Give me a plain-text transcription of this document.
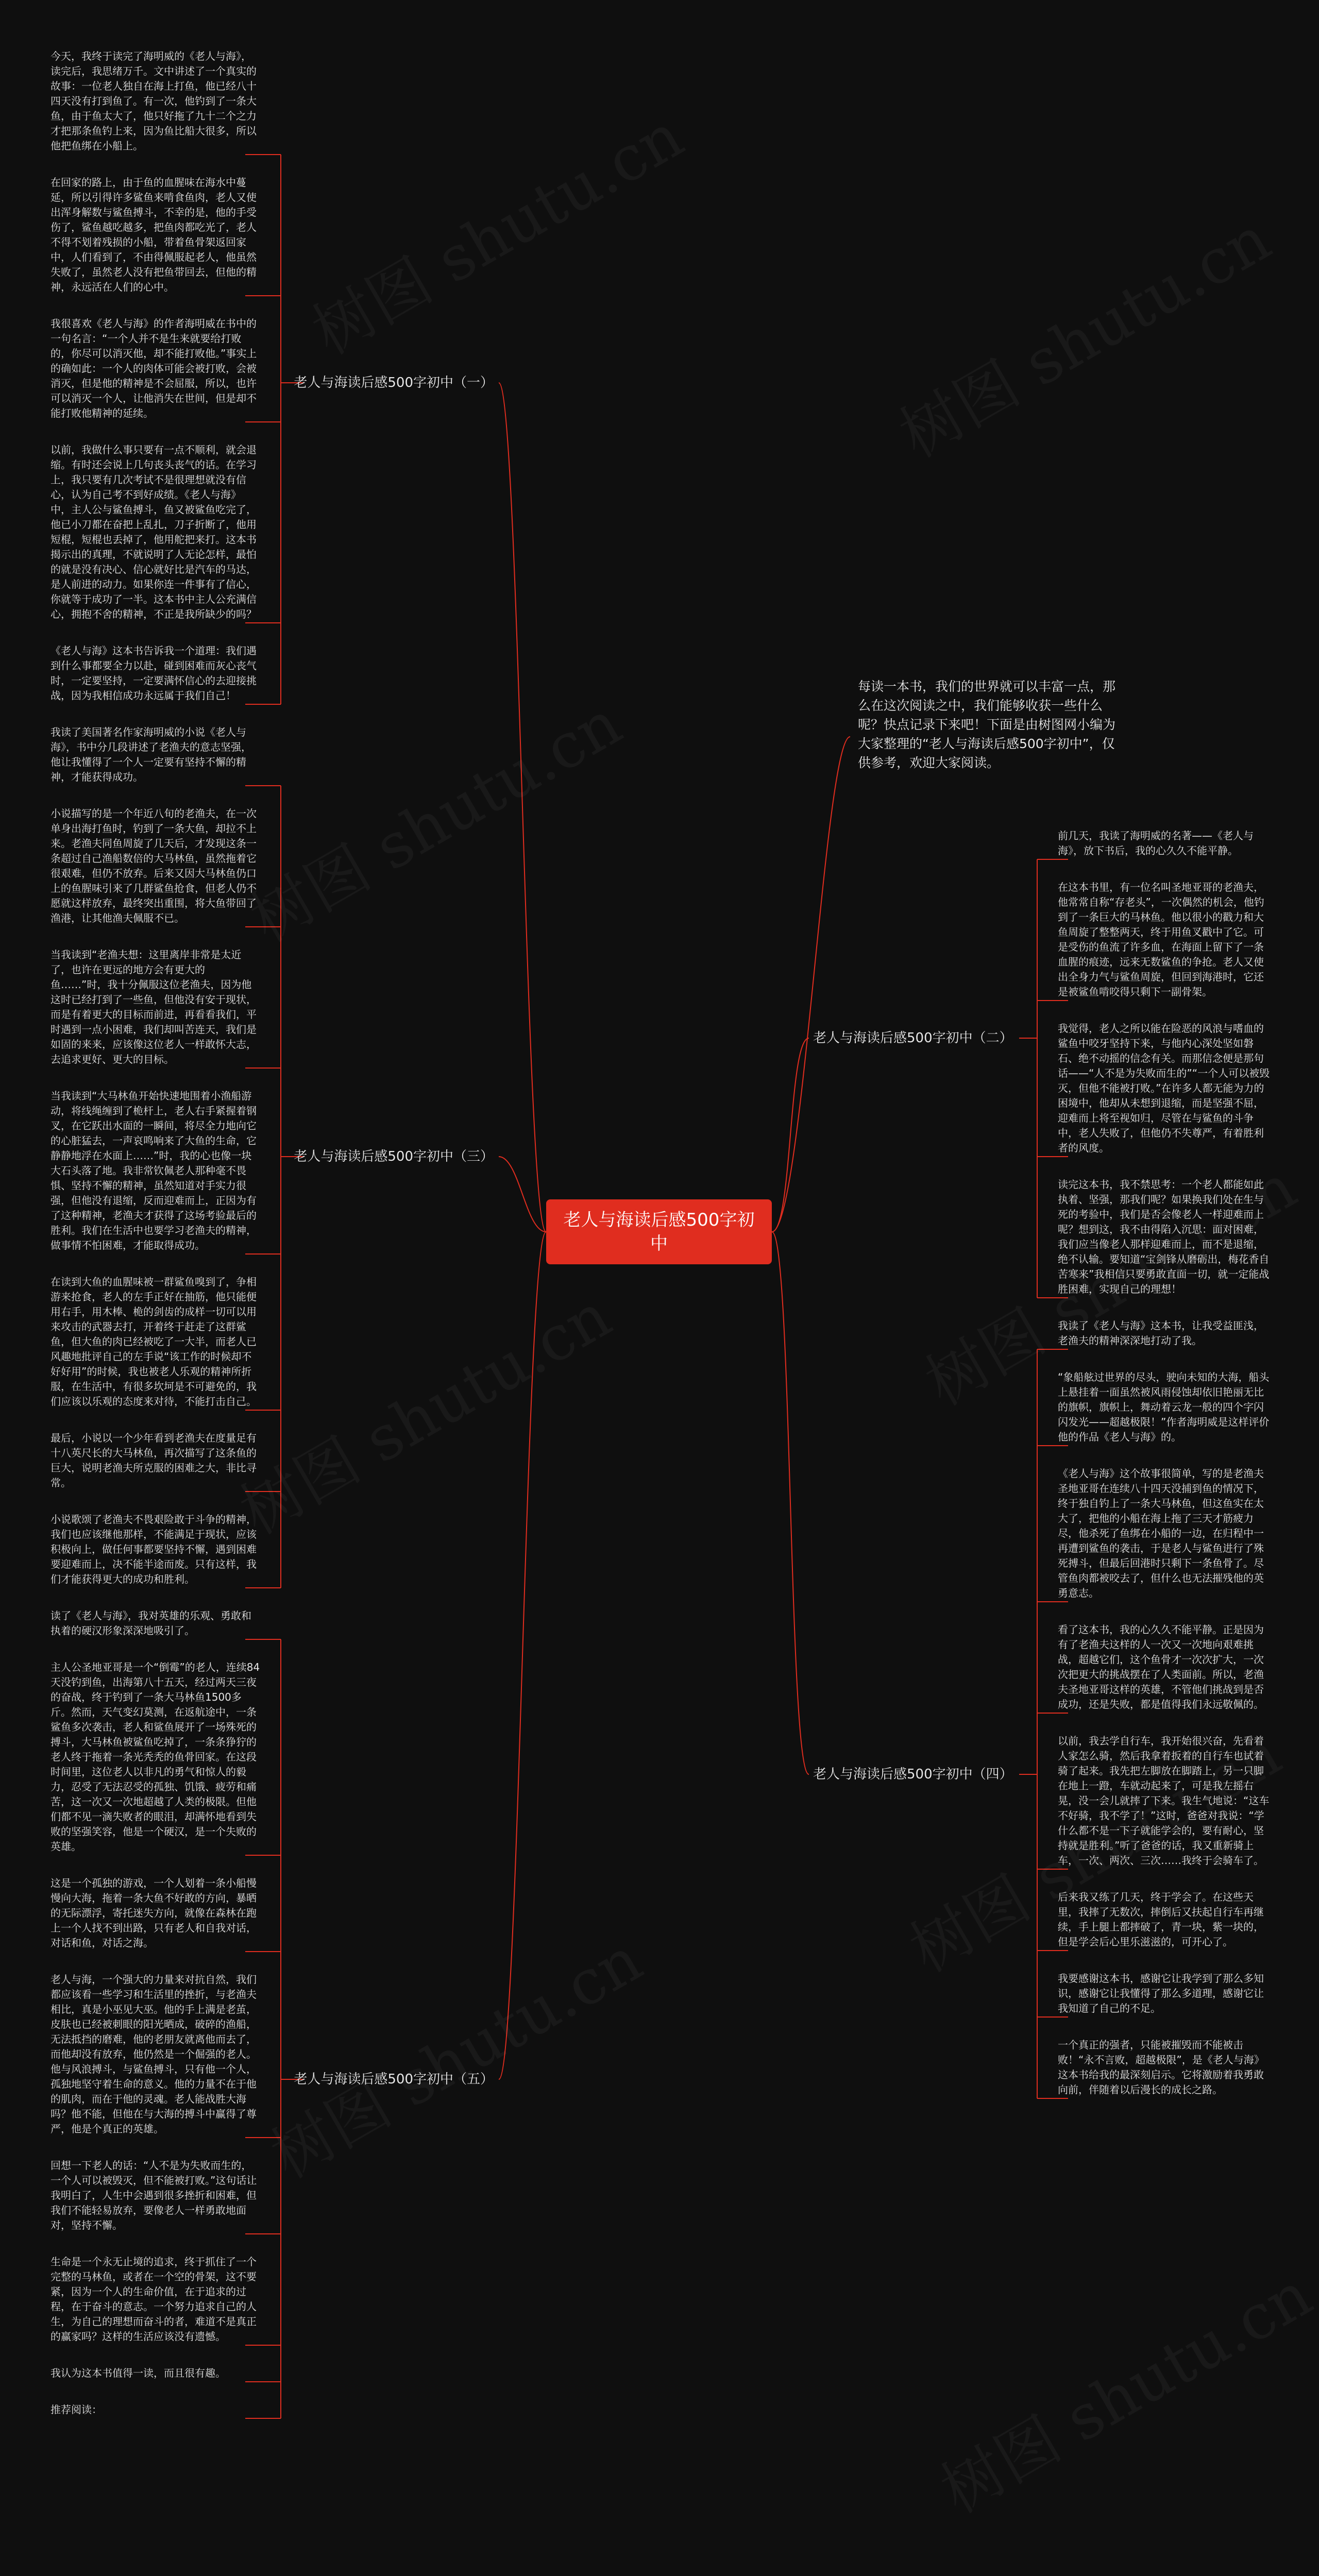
老人与海读后感500字初中
每读一本书，我们的世界就可以丰富一点，那么在这次阅读之中，我们能够收获一些什么呢？快点记录下来吧！下面是由树图网小编为大家整理的“老人与海读后感500字初中”，仅供参考，欢迎大家阅读。
老人与海读后感500字初中（一）

今天，我终于读完了海明威的《老人与海》，读完后，我思绪万千。文中讲述了一个真实的故事：一位老人独自在海上打鱼，他已经八十四天没有打到鱼了。有一次，他钓到了一条大鱼，由于鱼太大了，他只好拖了九十二个之力才把那条鱼钓上来，因为鱼比船大很多，所以他把鱼绑在小船上。

在回家的路上，由于鱼的血腥味在海水中蔓延，所以引得许多鲨鱼来啃食鱼肉，老人又使出浑身解数与鲨鱼搏斗，不幸的是，他的手受伤了，鲨鱼越吃越多，把鱼肉都吃光了，老人不得不划着残损的小船，带着鱼骨架返回家中，人们看到了，不由得佩服起老人，他虽然失败了，虽然老人没有把鱼带回去，但他的精神，永远活在人们的心中。

我很喜欢《老人与海》的作者海明威在书中的一句名言：“一个人并不是生来就要给打败的，你尽可以消灭他，却不能打败他。”事实上的确如此：一个人的肉体可能会被打败，会被消灭，但是他的精神是不会屈服，所以，也许可以消灭一个人，让他消失在世间，但是却不能打败他精神的延续。

以前，我做什么事只要有一点不顺利，就会退缩。有时还会说上几句丧头丧气的话。在学习上，我只要有几次考试不是很理想就没有信心，认为自己考不到好成绩。《老人与海》中，主人公与鲨鱼搏斗，鱼又被鲨鱼吃完了，他已小刀都在奋把上乱扎，刀子折断了，他用短棍，短棍也丢掉了，他用舵把来打。这本书揭示出的真理，不就说明了人无论怎样，最怕的就是没有决心、信心就好比是汽车的马达，是人前进的动力。如果你连一件事有了信心，你就等于成功了一半。这本书中主人公充满信心，拥抱不舍的精神，不正是我所缺少的吗？

《老人与海》这本书告诉我一个道理：我们遇到什么事都要全力以赴，碰到困难而灰心丧气时，一定要坚持，一定要满怀信心的去迎接挑战，因为我相信成功永远属于我们自己！

老人与海读后感500字初中（二）

前几天，我读了海明威的名著——《老人与海》，放下书后，我的心久久不能平静。

在这本书里，有一位名叫圣地亚哥的老渔夫，他常常自称“存老头”，一次偶然的机会，他钓到了一条巨大的马林鱼。他以很小的戳力和大鱼周旋了整整两天，终于用鱼叉戳中了它。可是受伤的鱼流了许多血，在海面上留下了一条血腥的痕迹，远来无数鲨鱼的争抢。老人又使出全身力气与鲨鱼周旋，但回到海港时，它还是被鲨鱼啃咬得只剩下一副骨架。

我觉得，老人之所以能在险恶的风浪与嗜血的鲨鱼中咬牙坚持下来，与他内心深处坚如磐石、绝不动摇的信念有关。而那信念便是那句话——“人不是为失败而生的”“一个人可以被毁灭，但他不能被打败。”在许多人都无能为力的困境中，他却从未想到退缩，而是坚强不屈，迎难而上将至视如归，尽管在与鲨鱼的斗争中，老人失败了，但他仍不失尊严，有着胜利者的风度。

读完这本书，我不禁思考：一个老人都能如此执着、坚强，那我们呢？如果换我们处在生与死的考验中，我们是否会像老人一样迎难而上呢？想到这，我不由得陷入沉思：面对困难，我们应当像老人那样迎难而上，而不是退缩，绝不认输。要知道“宝剑锋从磨砺出，梅花香自苦寒来”我相信只要勇敢直面一切，就一定能战胜困难，实现自己的理想！

老人与海读后感500字初中（三）

我读了美国著名作家海明威的小说《老人与海》，书中分几段讲述了老渔夫的意志坚强，他让我懂得了一个人一定要有坚持不懈的精神，才能获得成功。

小说描写的是一个年近八旬的老渔夫，在一次单身出海打鱼时，钓到了一条大鱼，却拉不上来。老渔夫同鱼周旋了几天后，才发现这条一条超过自己渔船数倍的大马林鱼，虽然拖着它很艰难，但仍不放弃。后来又因大马林鱼仍口上的鱼腥味引来了几群鲨鱼抢食，但老人仍不愿就这样放弃，最终突出重围，将大鱼带回了渔港，让其他渔夫佩服不已。

当我读到“老渔夫想：这里离岸非常是太近了，也许在更远的地方会有更大的鱼……”时，我十分佩服这位老渔夫，因为他这时已经打到了一些鱼，但他没有安于现状，而是有着更大的目标而前进，再看看我们，平时遇到一点小困难，我们却叫苦连天，我们是如固的来来，应该像这位老人一样敢怀大志，去追求更好、更大的目标。

当我读到“大马林鱼开始快速地围着小渔船游动，将线绳缠到了桅杆上，老人右手紧握着钢叉，在它跃出水面的一瞬间，将尽全力地向它的心脏猛去，一声哀鸣响来了大鱼的生命，它静静地浮在水面上……”时，我的心也像一块大石头落了地。我非常钦佩老人那种毫不畏惧、坚持不懈的精神，虽然知道对手实力很强，但他没有退缩，反而迎难而上，正因为有了这种精神，老渔夫才获得了这场考验最后的胜利。我们在生活中也要学习老渔夫的精神，做事情不怕困难，才能取得成功。

在读到大鱼的血腥味被一群鲨鱼嗅到了，争相游来抢食，老人的左手正好在抽筋，他只能便用右手，用木棒、桅的剑齿的成样一切可以用来攻击的武器去打，开着终于赶走了这群鲨鱼，但大鱼的肉已经被吃了一大半，而老人已风趣地批评自己的左手说“该工作的时候却不好好用”的时候，我也被老人乐观的精神所折服，在生活中，有很多坎坷是不可避免的，我们应该以乐观的态度来对待，不能打击自己。

最后，小说以一个少年看到老渔夫在度量足有十八英尺长的大马林鱼，再次描写了这条鱼的巨大，说明老渔夫所克服的困难之大，非比寻常。

小说歌颂了老渔夫不畏艰险敢于斗争的精神，我们也应该继他那样，不能满足于现状，应该积极向上，做任何事都要坚持不懈，遇到困难要迎难而上，决不能半途而废。只有这样，我们才能获得更大的成功和胜利。

老人与海读后感500字初中（四）

我读了《老人与海》这本书，让我受益匪浅，老渔夫的精神深深地打动了我。

“象船舷过世界的尽头，驶向未知的大海，船头上悬挂着一面虽然被风雨侵蚀却依旧艳丽无比的旗帜，旗帜上，舞动着云龙一般的四个字闪闪发光——超越极限！”作者海明威是这样评价他的作品《老人与海》的。

《老人与海》这个故事很简单，写的是老渔夫圣地亚哥在连续八十四天没捕到鱼的情况下，终于独自钓上了一条大马林鱼，但这鱼实在太大了，把他的小船在海上拖了三天才筋疲力尽，他杀死了鱼绑在小船的一边，在归程中一再遭到鲨鱼的袭击，于是老人与鲨鱼进行了殊死搏斗，但最后回港时只剩下一条鱼骨了。尽管鱼肉都被咬去了，但什么也无法摧残他的英勇意志。

看了这本书，我的心久久不能平静。正是因为有了老渔夫这样的人一次又一次地向艰难挑战，超越它们，这个鱼骨才一次次扩大，一次次把更大的挑战摆在了人类面前。所以，老渔夫圣地亚哥这样的英雄，不管他们挑战到是否成功，还是失败，都是值得我们永远敬佩的。

以前，我去学自行车，我开始很兴奋，先看着人家怎么骑，然后我拿着扳着的自行车也试着骑了起来。我先把左脚放在脚踏上，另一只脚在地上一蹬，车就动起来了，可是我左摇右晃，没一会儿就摔了下来。我生气地说：“这车不好骑，我不学了！”这时，爸爸对我说：“学什么都不是一下子就能学会的，要有耐心，坚持就是胜利。”听了爸爸的话，我又重新骑上车，一次、两次、三次……我终于会骑车了。

后来我又练了几天，终于学会了。在这些天里，我摔了无数次，摔倒后又扶起自行车再继续，手上腿上都摔破了，青一块，紫一块的，但是学会后心里乐滋滋的，可开心了。

我要感谢这本书，感谢它让我学到了那么多知识，感谢它让我懂得了那么多道理，感谢它让我知道了自己的不足。

一个真正的强者，只能被摧毁而不能被击败！“永不言败，超越极限”，是《老人与海》这本书给我的最深刻启示。它将激励着我勇敢向前，伴随着以后漫长的成长之路。

老人与海读后感500字初中（五）

读了《老人与海》，我对英雄的乐观、勇敢和执着的硬汉形象深深地吸引了。

主人公圣地亚哥是一个“倒霉”的老人，连续84天没钓到鱼，出海第八十五天，经过两天三夜的奋战，终于钓到了一条大马林鱼1500多斤。然而，天气变幻莫测，在返航途中，一条鲨鱼多次袭击，老人和鲨鱼展开了一场殊死的搏斗，大马林鱼被鲨鱼吃掉了，一条条狰狞的老人终于拖着一条光秃秃的鱼骨回家。在这段时间里，这位老人以非凡的勇气和惊人的毅力，忍受了无法忍受的孤独、饥饿、疲劳和痛苦，这一次又一次地超越了人类的极限。但他们都不见一滴失败者的眼泪，却满怀地看到失败的坚强笑容，他是一个硬汉，是一个失败的英雄。

这是一个孤独的游戏，一个人划着一条小船慢慢向大海，拖着一条大鱼不好敢的方向，暴晒的无际漂浮，寄托迷失方向，就像在森林在跑上一个人找不到出路，只有老人和自我对话，对话和鱼，对话之海。

老人与海，一个强大的力量来对抗自然，我们都应该看一些学习和生活里的挫折，与老渔夫相比，真是小巫见大巫。他的手上满是老茧，皮肤也已经被刺眼的阳光晒成，破碎的渔船，无法抵挡的磨难，他的老朋友就离他而去了，而他却没有放弃，他仍然是一个倔强的老人。他与风浪搏斗，与鲨鱼搏斗，只有他一个人，孤独地坚守着生命的意义。他的力量不在于他的肌肉，而在于他的灵魂。老人能战胜大海吗？他不能，但他在与大海的搏斗中赢得了尊严，他是个真正的英雄。

回想一下老人的话：“人不是为失败而生的，一个人可以被毁灭，但不能被打败。”这句话让我明白了，人生中会遇到很多挫折和困难，但我们不能轻易放弃，要像老人一样勇敢地面对，坚持不懈。

生命是一个永无止境的追求，终于抓住了一个完整的马林鱼，或者在一个空的骨架，这不要紧，因为一个人的生命价值，在于追求的过程，在于奋斗的意志。一个努力追求自己的人生，为自己的理想而奋斗的者，难道不是真正的赢家吗？这样的生活应该没有遗憾。

我认为这本书值得一读，而且很有趣。

推荐阅读：
